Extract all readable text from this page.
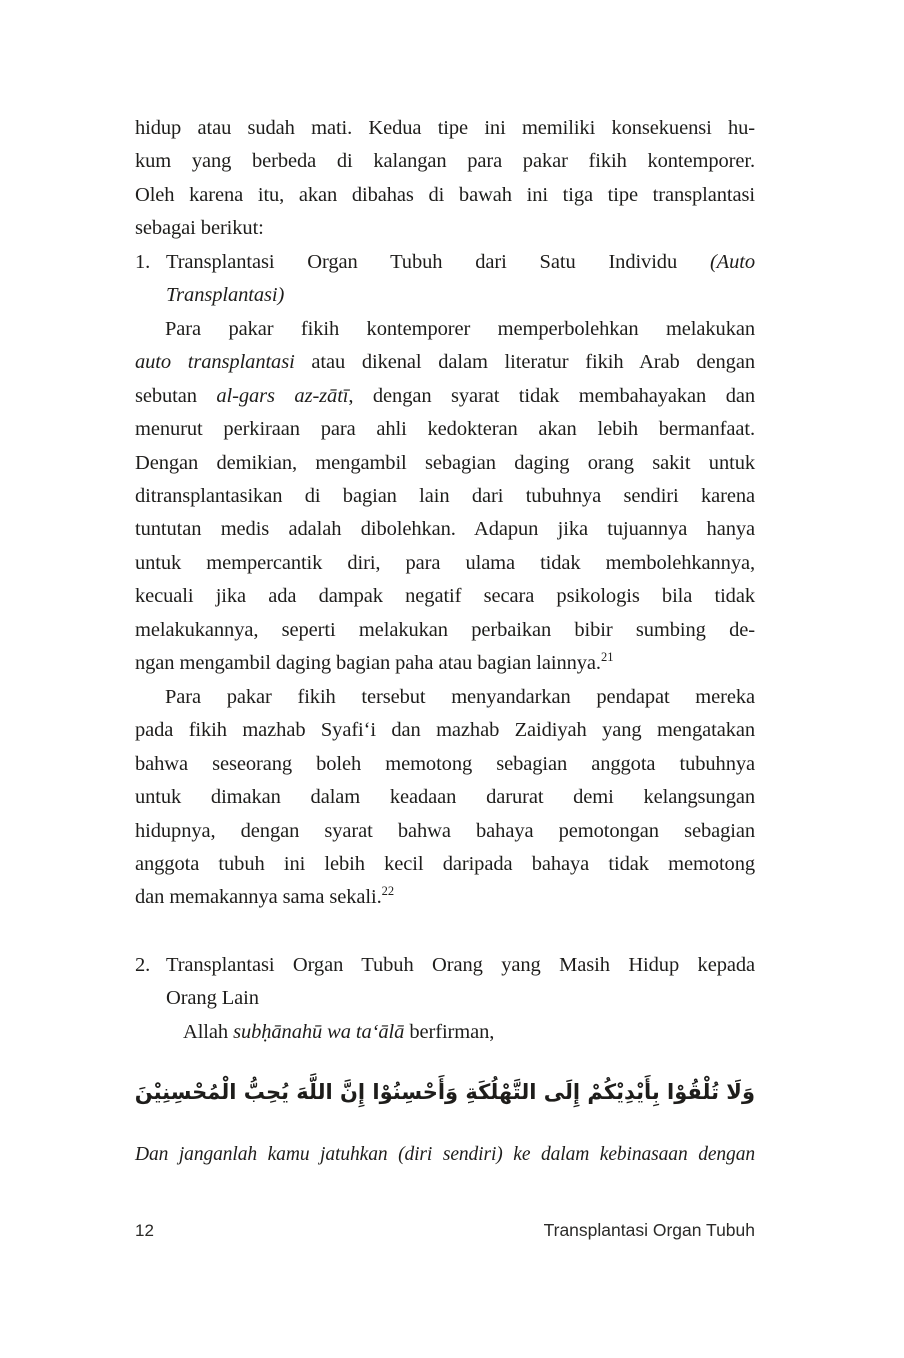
hidup atau sudah mati. Kedua tipe ini memiliki konsekuensi hu-
kum yang berbeda di kalangan para pakar fikih kontemporer.
Oleh karena itu, akan dibahas di bawah ini tiga tipe transplantasi
sebagai berikut:
1. Transplantasi Organ Tubuh dari Satu Individu (Auto
Transplantasi)
Para pakar fikih kontemporer memperbolehkan melakukan
auto transplantasi atau dikenal dalam literatur fikih Arab dengan
sebutan al-gars az-zātī, dengan syarat tidak membahayakan dan
menurut perkiraan para ahli kedokteran akan lebih bermanfaat.
Dengan demikian, mengambil sebagian daging orang sakit untuk
ditransplantasikan di bagian lain dari tubuhnya sendiri karena
tuntutan medis adalah dibolehkan. Adapun jika tujuannya hanya
untuk mempercantik diri, para ulama tidak membolehkannya,
kecuali jika ada dampak negatif secara psikologis bila tidak
melakukannya, seperti melakukan perbaikan bibir sumbing de-
ngan mengambil daging bagian paha atau bagian lainnya.$^{21}$
Para pakar fikih tersebut menyandarkan pendapat mereka
pada fikih mazhab Syafi‘i dan mazhab Zaidiyah yang mengatakan
bahwa seseorang boleh memotong sebagian anggota tubuhnya
untuk dimakan dalam keadaan darurat demi kelangsungan
hidupnya, dengan syarat bahwa bahaya pemotongan sebagian
anggota tubuh ini lebih kecil daripada bahaya tidak memotong
dan memakannya sama sekali.$^{22}$
2. Transplantasi Organ Tubuh Orang yang Masih Hidup kepada
Orang Lain
Allah subḥānahū wa ta‘ālā berfirman,
وَلَا تُلْقُوْا بِأَيْدِيْكُمْ إِلَى التَّهْلُكَةِ وَأَحْسِنُوْا إِنَّ اللَّهَ يُحِبُّ الْمُحْسِنِيْنَ
Dan janganlah kamu jatuhkan (diri sendiri) ke dalam kebinasaan dengan
12	Transplantasi Organ Tubuh
